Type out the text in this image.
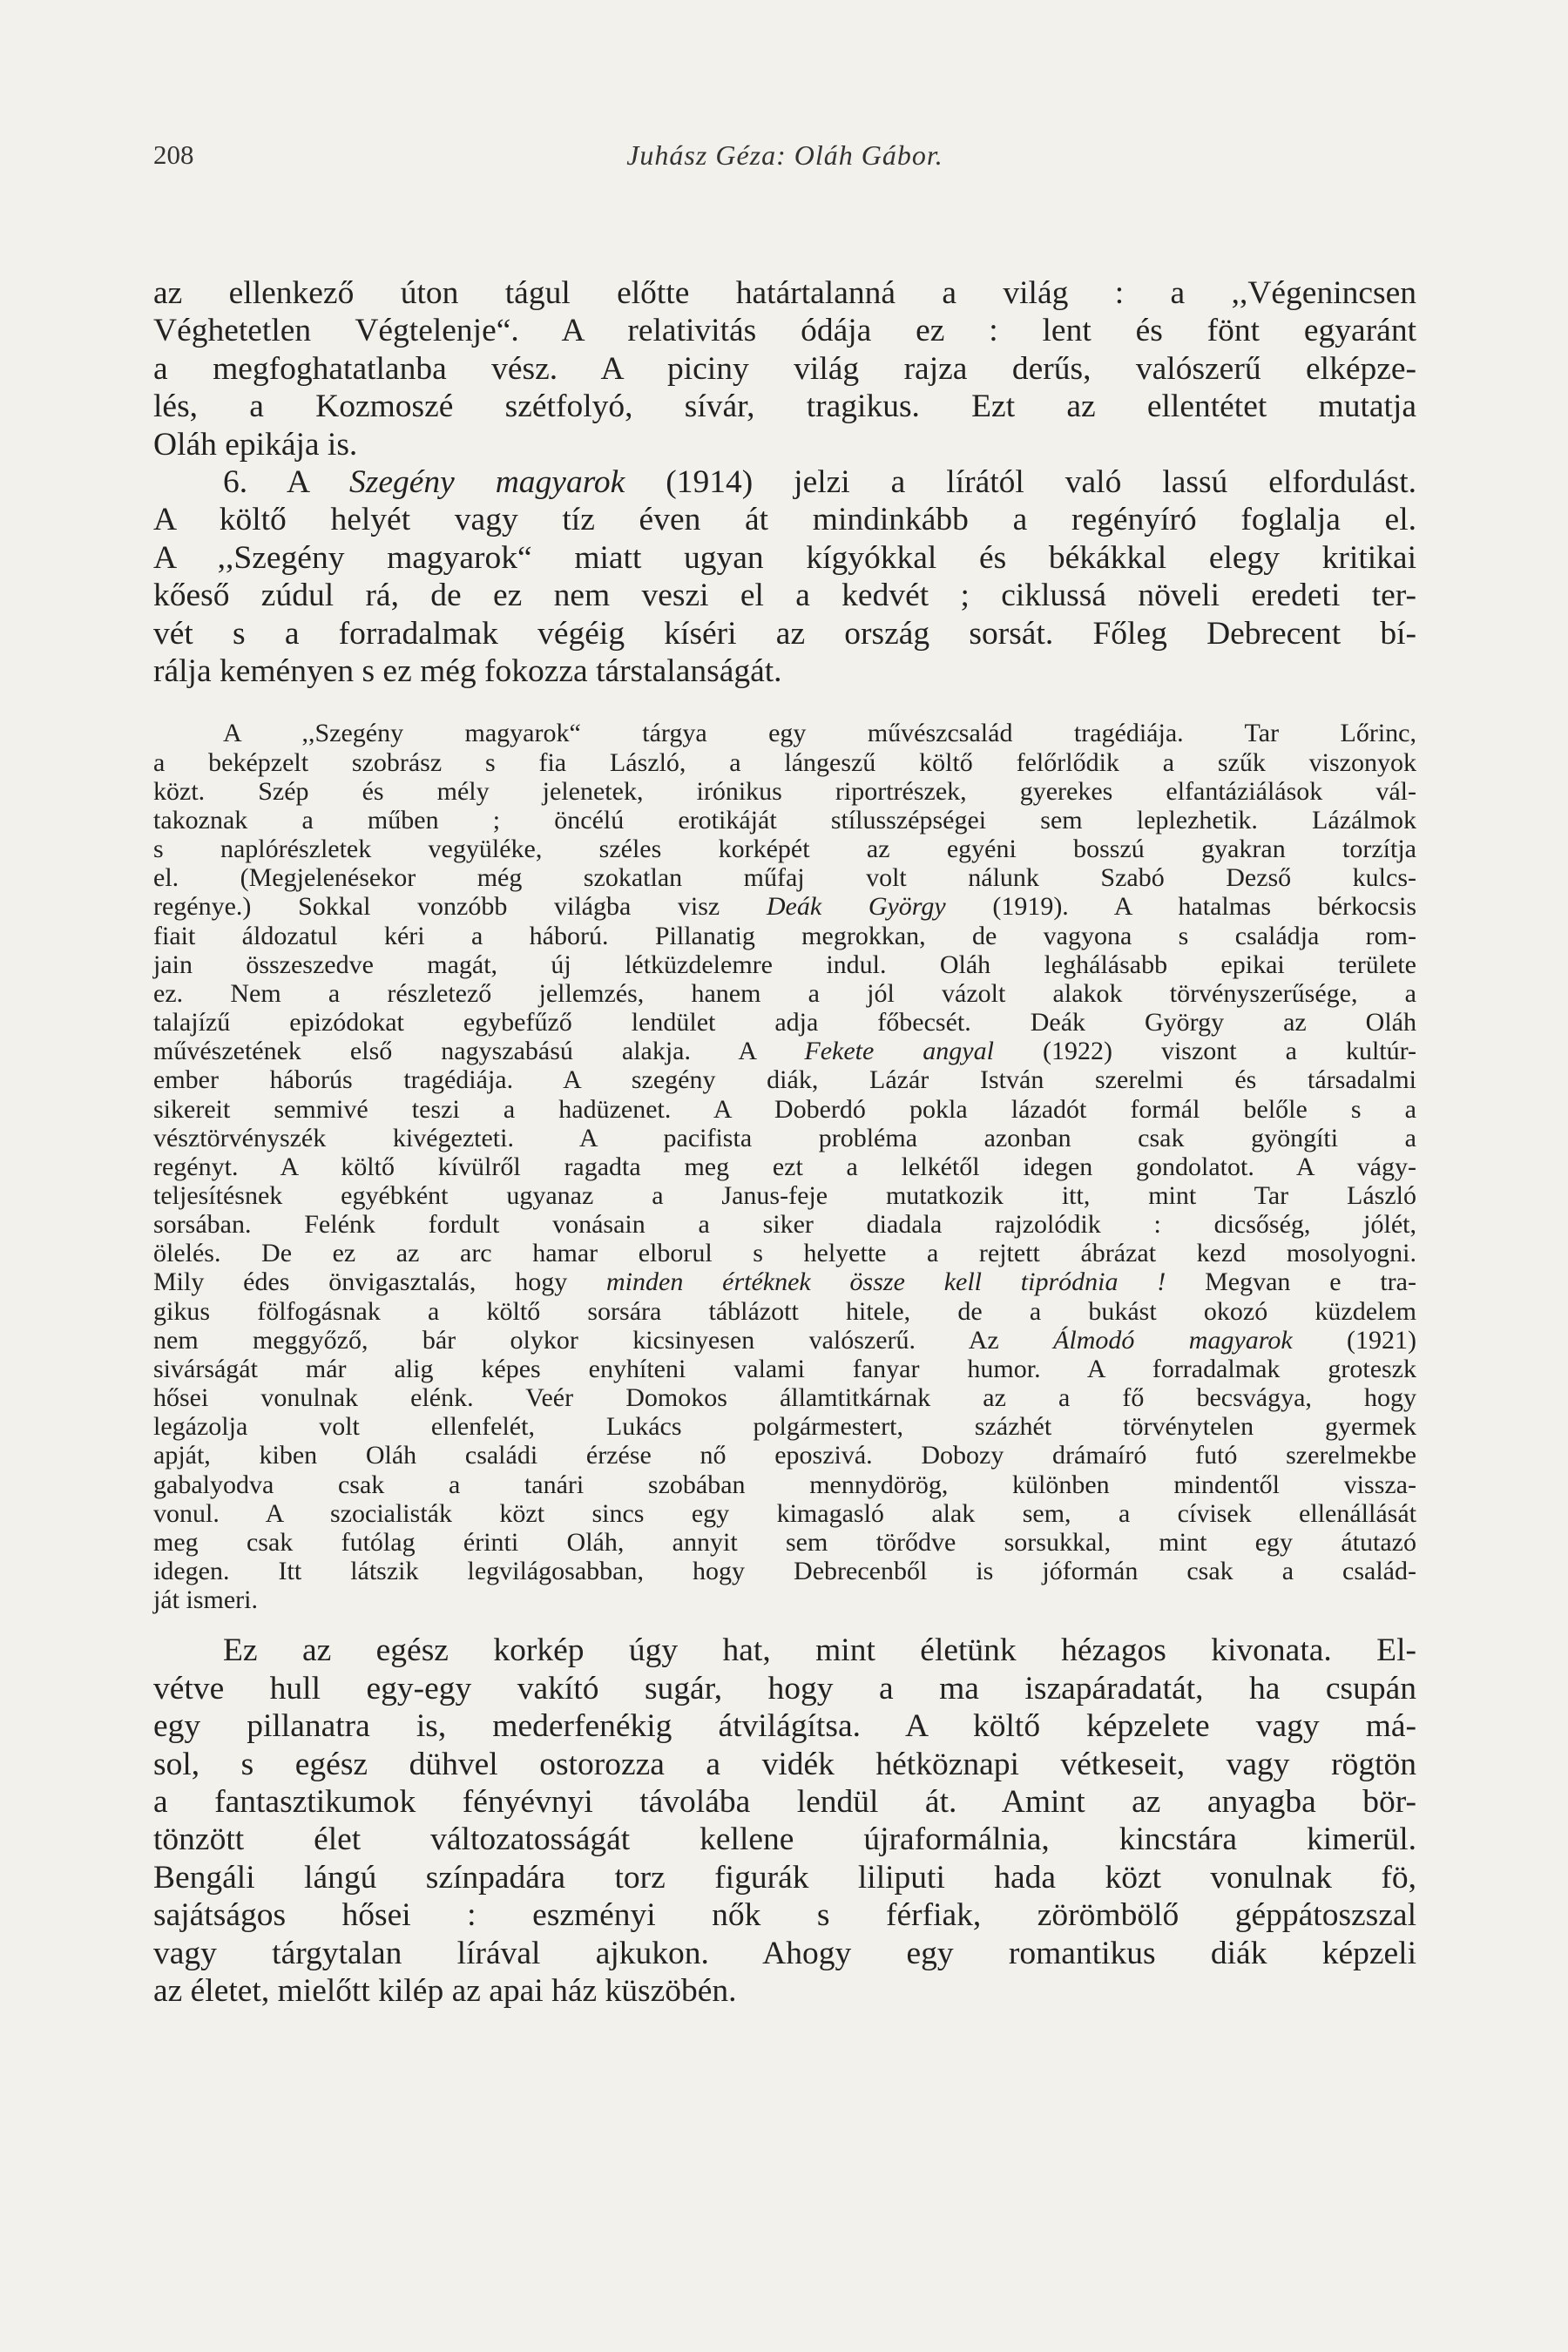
208	Juhász Géza: Oláh Gábor.

az ellenkező úton tágul előtte határtalanná a világ : a ,,Végenincsen
Véghetetlen Végtelenje“. A relativitás ódája ez : lent és fönt egyaránt
a megfoghatatlanba vész. A piciny világ rajza derűs, valószerű elképze-
lés, a Kozmoszé szétfolyó, sívár, tragikus. Ezt az ellentétet mutatja
Oláh epikája is.

6. A Szegény magyarok (1914) jelzi a lírától való lassú elfordulást.
A költő helyét vagy tíz éven át mindinkább a regényíró foglalja el.
A ,,Szegény magyarok“ miatt ugyan kígyókkal és békákkal elegy kritikai
kőeső zúdul rá, de ez nem veszi el a kedvét ; ciklussá növeli eredeti ter-
vét s a forradalmak végéig kíséri az ország sorsát. Főleg Debrecent bí-
rálja keményen s ez még fokozza társtalanságát.

A ,,Szegény magyarok“ tárgya egy művészcsalád tragédiája. Tar Lőrinc,
a beképzelt szobrász s fia László, a lángeszű költő felőrlődik a szűk viszonyok
közt. Szép és mély jelenetek, irónikus riportrészek, gyerekes elfantáziálások vál-
takoznak a műben ; öncélú erotikáját stílusszépségei sem leplezhetik. Lázálmok
s naplórészletek vegyüléke, széles korképét az egyéni bosszú gyakran torzítja
el. (Megjelenésekor még szokatlan műfaj volt nálunk Szabó Dezső kulcs-
regénye.) Sokkal vonzóbb világba visz Deák György (1919). A hatalmas bérkocsis
fiait áldozatul kéri a háború. Pillanatig megrokkan, de vagyona s családja rom-
jain összeszedve magát, új létküzdelemre indul. Oláh leghálásabb epikai területe
ez. Nem a részletező jellemzés, hanem a jól vázolt alakok törvényszerűsége, a
talajízű epizódokat egybefűző lendület adja főbecsét. Deák György az Oláh
művészetének első nagyszabású alakja. A Fekete angyal (1922) viszont a kultúr-
ember háborús tragédiája. A szegény diák, Lázár István szerelmi és társadalmi
sikereit semmivé teszi a hadüzenet. A Doberdó pokla lázadót formál belőle s a
vésztörvényszék kivégezteti. A pacifista probléma azonban csak gyöngíti a
regényt. A költő kívülről ragadta meg ezt a lelkétől idegen gondolatot. A vágy-
teljesítésnek egyébként ugyanaz a Janus-feje mutatkozik itt, mint Tar László
sorsában. Felénk fordult vonásain a siker diadala rajzolódik : dicsőség, jólét,
ölelés. De ez az arc hamar elborul s helyette a rejtett ábrázat kezd mosolyogni.
Mily édes önvigasztalás, hogy minden értéknek össze kell tipródnia ! Megvan e tra-
gikus fölfogásnak a költő sorsára táblázott hitele, de a bukást okozó küzdelem
nem meggyőző, bár olykor kicsinyesen valószerű. Az Álmodó magyarok (1921)
sivárságát már alig képes enyhíteni valami fanyar humor. A forradalmak groteszk
hősei vonulnak elénk. Veér Domokos államtitkárnak az a fő becsvágya, hogy
legázolja volt ellenfelét, Lukács polgármestert, százhét törvénytelen gyermek
apját, kiben Oláh családi érzése nő eposzivá. Dobozy drámaíró futó szerelmekbe
gabalyodva csak a tanári szobában mennydörög, különben mindentől vissza-
vonul. A szocialisták közt sincs egy kimagasló alak sem, a cívisek ellenállását
meg csak futólag érinti Oláh, annyit sem törődve sorsukkal, mint egy átutazó
idegen. Itt látszik legvilágosabban, hogy Debrecenből is jóformán csak a család-
ját ismeri.

Ez az egész korkép úgy hat, mint életünk hézagos kivonata. El-
vétve hull egy-egy vakító sugár, hogy a ma iszapáradatát, ha csupán
egy pillanatra is, mederfenékig átvilágítsa. A költő képzelete vagy má-
sol, s egész dühvel ostorozza a vidék hétköznapi vétkeseit, vagy rögtön
a fantasztikumok fényévnyi távolába lendül át. Amint az anyagba bör-
tönzött élet változatosságát kellene újraformálnia, kincstára kimerül.
Bengáli lángú színpadára torz figurák liliputi hada közt vonulnak fö,
sajátságos hősei : eszményi nők s férfiak, zörömbölő géppátoszszal
vagy tárgytalan lírával ajkukon. Ahogy egy romantikus diák képzeli
az életet, mielőtt kilép az apai ház küszöbén.
